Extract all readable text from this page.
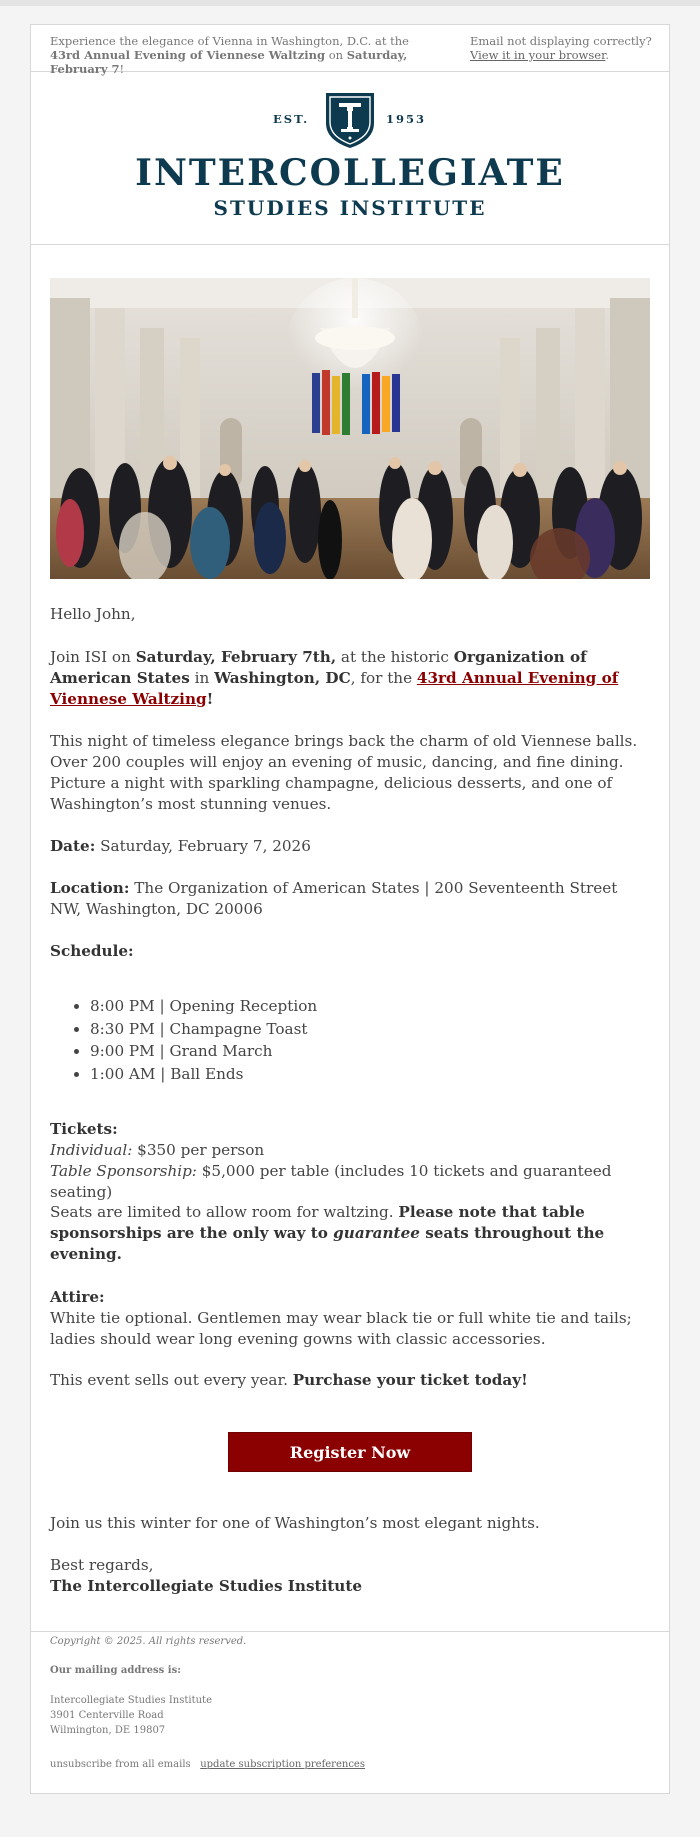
Experience the elegance of Vienna in Washington, D.C. at the 43rd Annual Evening of Viennese Waltzing on Saturday, February 7!
Email not displaying correctly?
View it in your browser.
EST.	1953
INTERCOLLEGIATE
STUDIES INSTITUTE

Hello John,

Join ISI on Saturday, February 7th, at the historic Organization of American States in Washington, DC, for the 43rd Annual Evening of Viennese Waltzing!

This night of timeless elegance brings back the charm of old Viennese balls. Over 200 couples will enjoy an evening of music, dancing, and fine dining. Picture a night with sparkling champagne, delicious desserts, and one of Washington’s most stunning venues.

Date: Saturday, February 7, 2026

Location: The Organization of American States | 200 Seventeenth Street NW, Washington, DC 20006

Schedule:

• 8:00 PM | Opening Reception
• 8:30 PM | Champagne Toast
• 9:00 PM | Grand March
• 1:00 AM | Ball Ends

Tickets:

Individual: $350 per person

Table Sponsorship: $5,000 per table (includes 10 tickets and guaranteed seating)

Seats are limited to allow room for waltzing. Please note that table sponsorships are the only way to guarantee seats throughout the evening.

Attire:

White tie optional. Gentlemen may wear black tie or full white tie and tails; ladies should wear long evening gowns with classic accessories.

This event sells out every year. Purchase your ticket today!

Register Now

Join us this winter for one of Washington’s most elegant nights.

Best regards,

The Intercollegiate Studies Institute

Copyright © 2025. All rights reserved.
Our mailing address is:
Intercollegiate Studies Institute
3901 Centerville Road
Wilmington, DE 19807
unsubscribe from all emails update subscription preferences
